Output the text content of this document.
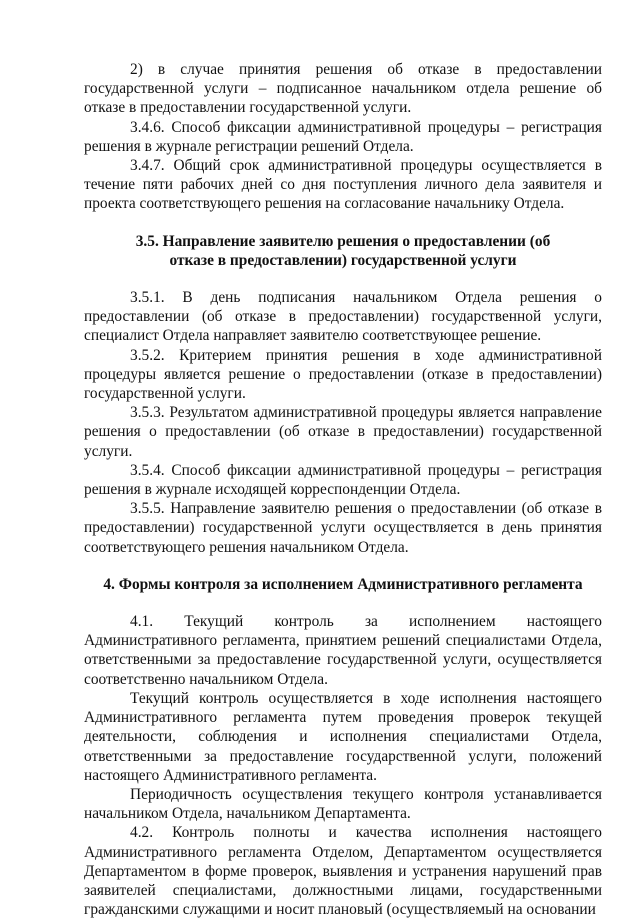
2) в случае принятия решения об отказе в предоставлении государственной услуги – подписанное начальником отдела решение об отказе в предоставлении государственной услуги.

3.4.6. Способ фиксации административной процедуры – регистрация решения в журнале регистрации решений Отдела.

3.4.7. Общий срок административной процедуры осуществляется в течение пяти рабочих дней со дня поступления личного дела заявителя и проекта соответствующего решения на согласование начальнику Отдела.

3.5. Направление заявителю решения о предоставлении (об отказе в предоставлении) государственной услуги

3.5.1. В день подписания начальником Отдела решения о предоставлении (об отказе в предоставлении) государственной услуги, специалист Отдела направляет заявителю соответствующее решение.

3.5.2. Критерием принятия решения в ходе административной процедуры является решение о предоставлении (отказе в предоставлении) государственной услуги.

3.5.3. Результатом административной процедуры является направление решения о предоставлении (об отказе в предоставлении) государственной услуги.

3.5.4. Способ фиксации административной процедуры – регистрация решения в журнале исходящей корреспонденции Отдела.

3.5.5. Направление заявителю решения о предоставлении (об отказе в предоставлении) государственной услуги осуществляется в день принятия соответствующего решения начальником Отдела.

4. Формы контроля за исполнением Административного регламента

4.1. Текущий контроль за исполнением настоящего Административного регламента, принятием решений специалистами Отдела, ответственными за предоставление государственной услуги, осуществляется соответственно начальником Отдела.

Текущий контроль осуществляется в ходе исполнения настоящего Административного регламента путем проведения проверок текущей деятельности, соблюдения и исполнения специалистами Отдела, ответственными за предоставление государственной услуги, положений настоящего Административного регламента.

Периодичность осуществления текущего контроля устанавливается начальником Отдела, начальником Департамента.

4.2. Контроль полноты и качества исполнения настоящего Административного регламента Отделом, Департаментом осуществляется Департаментом в форме проверок, выявления и устранения нарушений прав заявителей специалистами, должностными лицами, государственными гражданскими служащими и носит плановый (осуществляемый на основании
